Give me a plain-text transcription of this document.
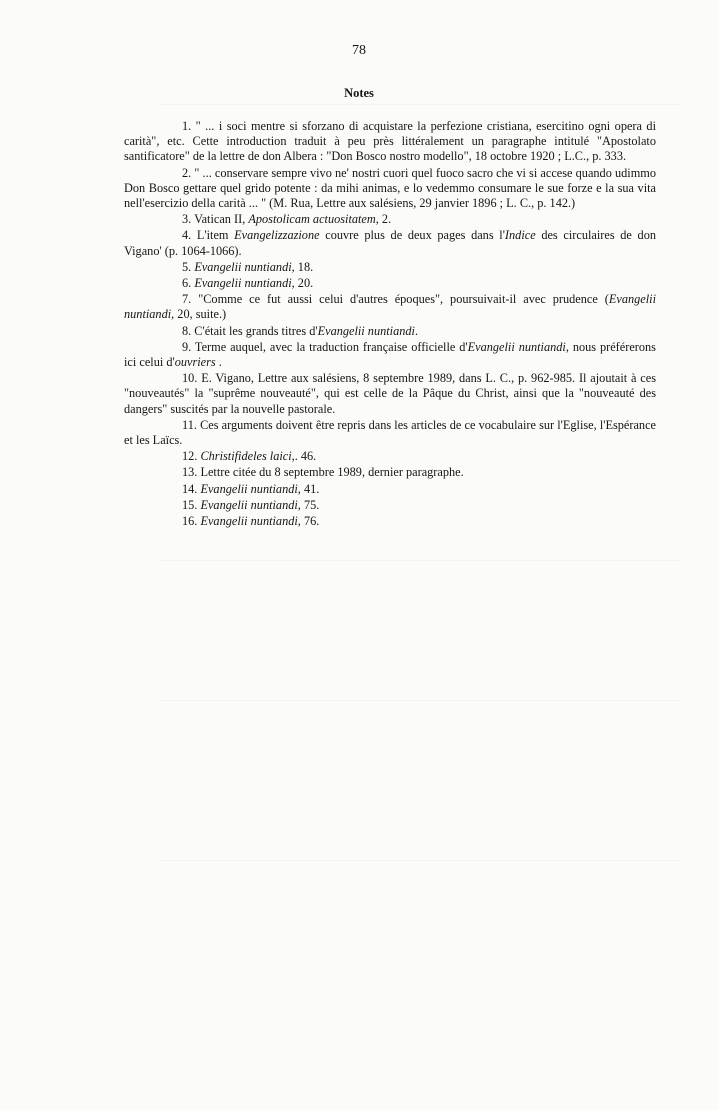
78
Notes

1. " ... i soci mentre si sforzano di acquistare la perfezione cristiana, esercitino ogni opera di carità", etc. Cette introduction traduit à peu près littéralement un paragraphe intitulé "Apostolato santificatore" de la lettre de don Albera : "Don Bosco nostro modello", 18 octobre 1920 ; L.C., p. 333.

2. " ... conservare sempre vivo ne' nostri cuori quel fuoco sacro che vi si accese quando udimmo Don Bosco gettare quel grido potente : da mihi animas, e lo vedemmo consumare le sue forze e la sua vita nell'esercizio della carità ... " (M. Rua, Lettre aux salésiens, 29 janvier 1896 ; L. C., p. 142.)

3. Vatican II, Apostolicam actuositatem, 2.

4. L'item Evangelizzazione couvre plus de deux pages dans l'Indice des circulaires de don Vigano' (p. 1064-1066).

5. Evangelii nuntiandi, 18.

6. Evangelii nuntiandi, 20.

7. "Comme ce fut aussi celui d'autres époques", poursuivait-il avec prudence (Evangelii nuntiandi, 20, suite.)

8. C'était les grands titres d'Evangelii nuntiandi.

9. Terme auquel, avec la traduction française officielle d'Evangelii nuntiandi, nous préférerons ici celui d'ouvriers .

10. E. Vigano, Lettre aux salésiens, 8 septembre 1989, dans L. C., p. 962-985. Il ajoutait à ces "nouveautés" la "suprême nouveauté", qui est celle de la Pâque du Christ, ainsi que la "nouveauté des dangers" suscités par la nouvelle pastorale.

11. Ces arguments doivent être repris dans les articles de ce vocabulaire sur l'Eglise, l'Espérance et les Laïcs.

12. Christifideles laici,. 46.

13. Lettre citée du 8 septembre 1989, dernier paragraphe.

14. Evangelii nuntiandi, 41.

15. Evangelii nuntiandi, 75.

16. Evangelii nuntiandi, 76.
